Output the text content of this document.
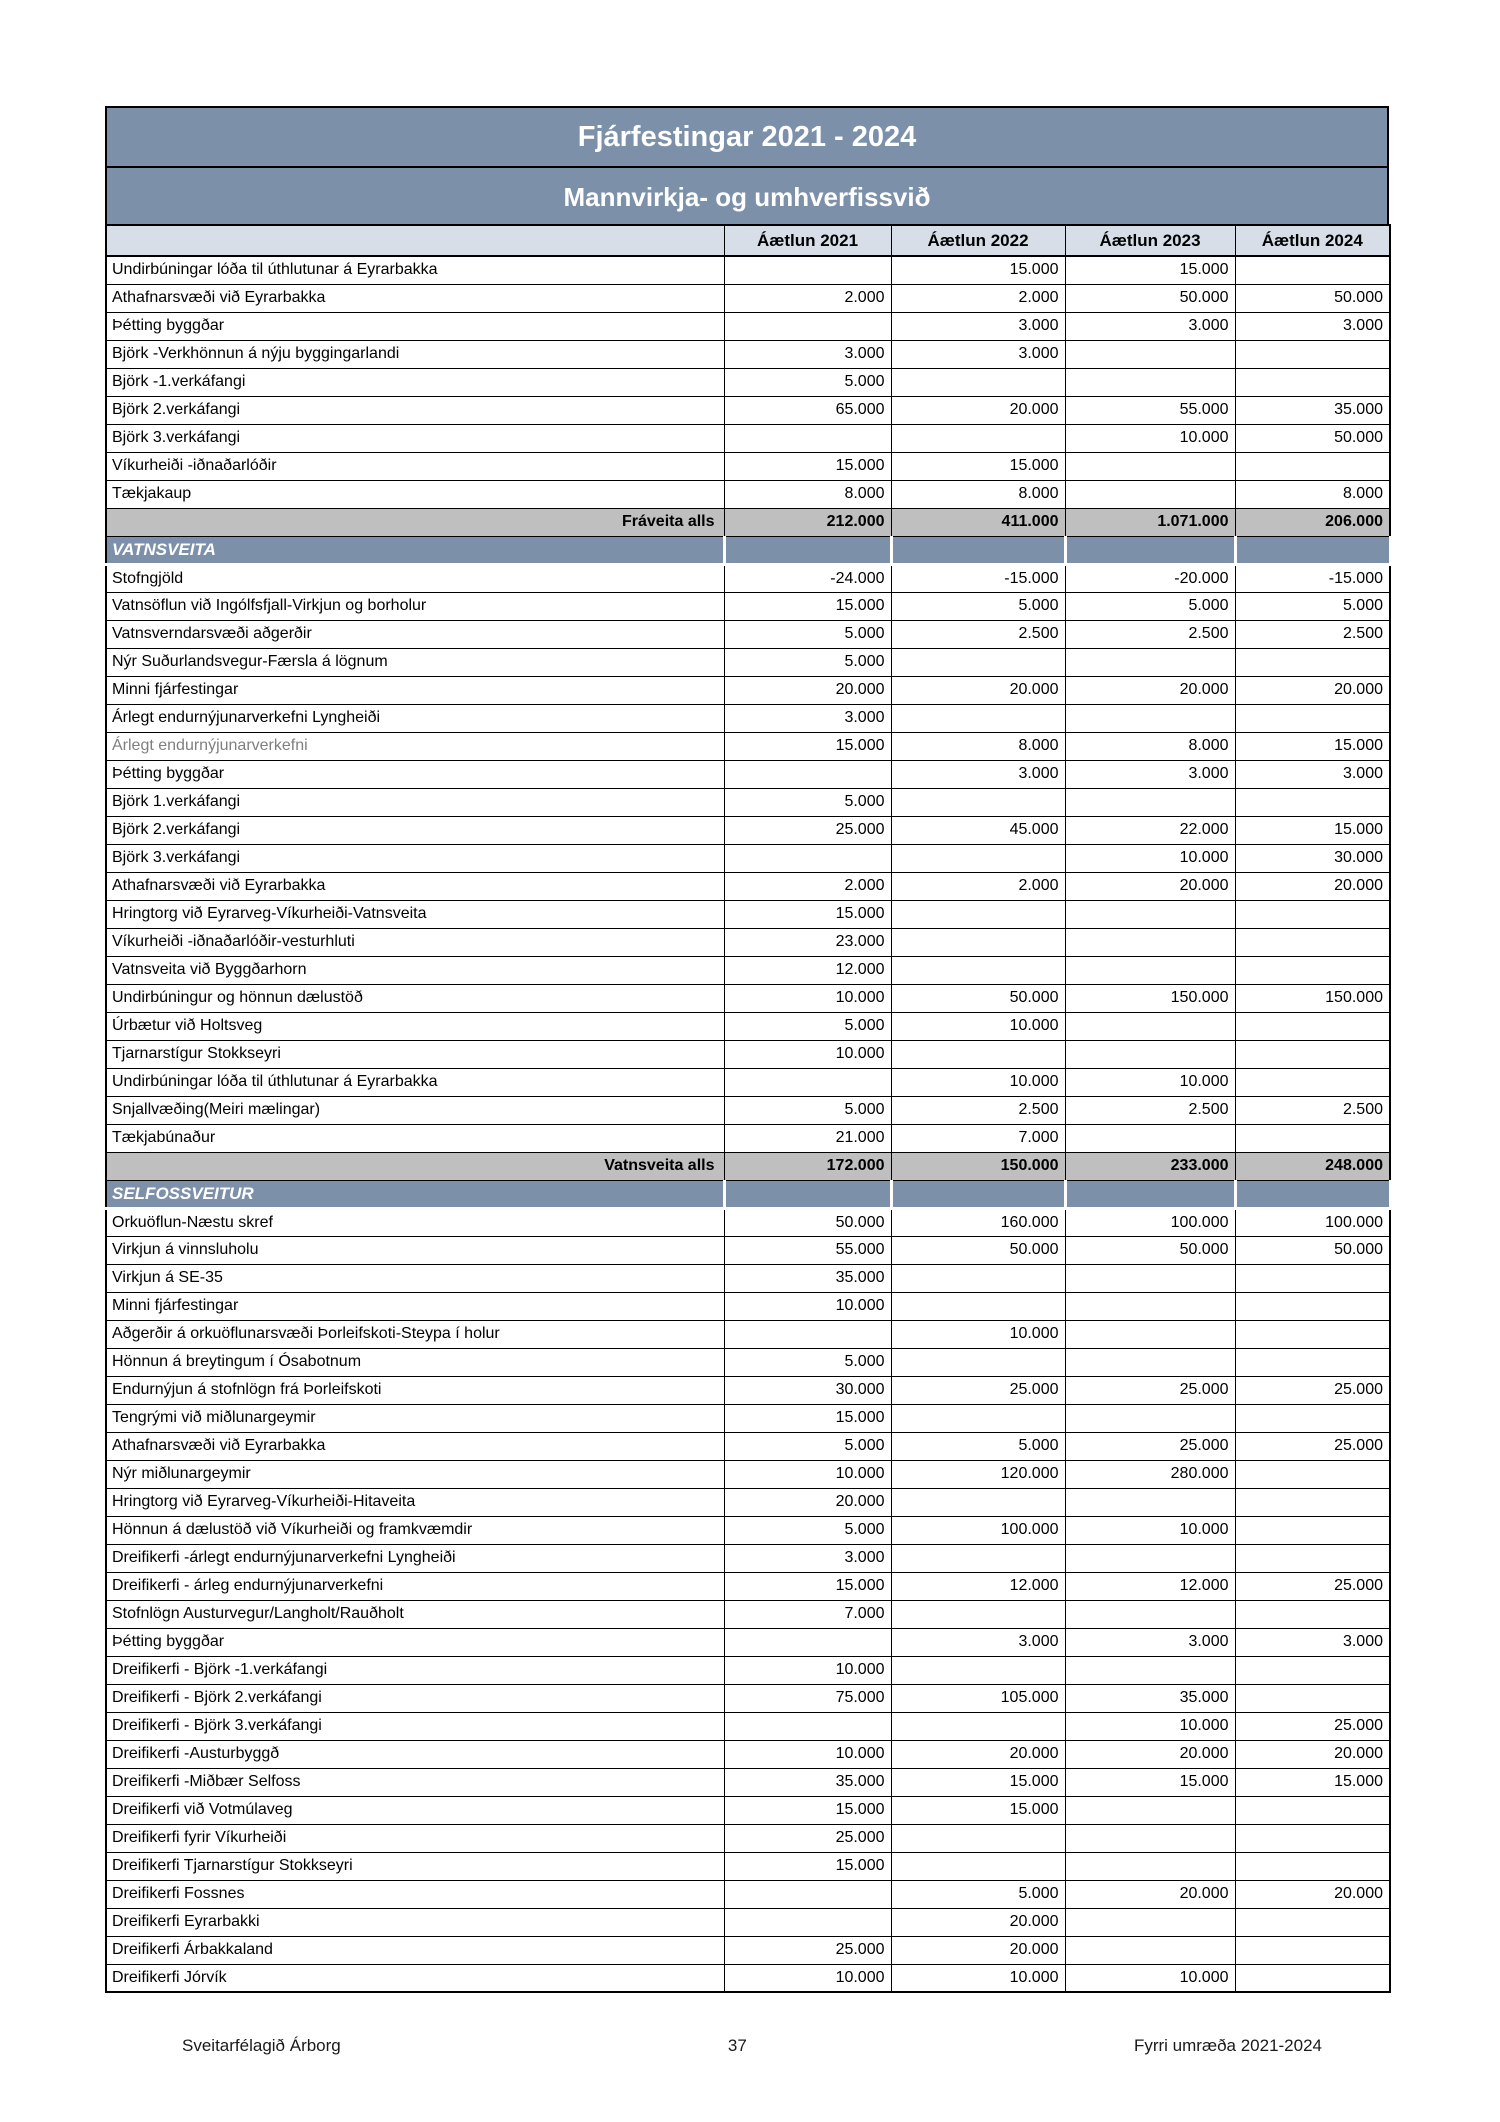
Fjárfestingar 2021 - 2024
Mannvirkja- og umhverfissvið
	Áætlun 2021	Áætlun 2022	Áætlun 2023	Áætlun 2024
Undirbúningar lóða til úthlutunar á Eyrarbakka		15.000	15.000	
Athafnarsvæði við Eyrarbakka	2.000	2.000	50.000	50.000
Þétting byggðar		3.000	3.000	3.000
Björk -Verkhönnun á nýju byggingarlandi	3.000	3.000		
Björk -1.verkáfangi	5.000			
Björk 2.verkáfangi	65.000	20.000	55.000	35.000
Björk 3.verkáfangi			10.000	50.000
Víkurheiði -iðnaðarlóðir	15.000	15.000		
Tækjakaup	8.000	8.000		8.000
Fráveita alls	212.000	411.000	1.071.000	206.000
VATNSVEITA				
Stofngjöld	-24.000	-15.000	-20.000	-15.000
Vatnsöflun við Ingólfsfjall-Virkjun og borholur	15.000	5.000	5.000	5.000
Vatnsverndarsvæði aðgerðir	5.000	2.500	2.500	2.500
Nýr Suðurlandsvegur-Færsla á lögnum	5.000			
Minni fjárfestingar	20.000	20.000	20.000	20.000
Árlegt endurnýjunarverkefni Lyngheiði	3.000			
Árlegt endurnýjunarverkefni	15.000	8.000	8.000	15.000
Þétting byggðar		3.000	3.000	3.000
Björk 1.verkáfangi	5.000			
Björk 2.verkáfangi	25.000	45.000	22.000	15.000
Björk 3.verkáfangi			10.000	30.000
Athafnarsvæði við Eyrarbakka	2.000	2.000	20.000	20.000
Hringtorg við Eyrarveg-Víkurheiði-Vatnsveita	15.000			
Víkurheiði -iðnaðarlóðir-vesturhluti	23.000			
Vatnsveita við Byggðarhorn	12.000			
Undirbúningur og hönnun dælustöð	10.000	50.000	150.000	150.000
Úrbætur við Holtsveg	5.000	10.000		
Tjarnarstígur Stokkseyri	10.000			
Undirbúningar lóða til úthlutunar á Eyrarbakka		10.000	10.000	
Snjallvæðing(Meiri mælingar)	5.000	2.500	2.500	2.500
Tækjabúnaður	21.000	7.000		
Vatnsveita alls	172.000	150.000	233.000	248.000
SELFOSSVEITUR				
Orkuöflun-Næstu skref	50.000	160.000	100.000	100.000
Virkjun á vinnsluholu	55.000	50.000	50.000	50.000
Virkjun á SE-35	35.000			
Minni fjárfestingar	10.000			
Aðgerðir á orkuöflunarsvæði Þorleifskoti-Steypa í holur		10.000		
Hönnun á breytingum í Ósabotnum	5.000			
Endurnýjun á stofnlögn frá Þorleifskoti	30.000	25.000	25.000	25.000
Tengrými við miðlunargeymir	15.000			
Athafnarsvæði við Eyrarbakka	5.000	5.000	25.000	25.000
Nýr miðlunargeymir	10.000	120.000	280.000	
Hringtorg við Eyrarveg-Víkurheiði-Hitaveita	20.000			
Hönnun á dælustöð við Víkurheiði og framkvæmdir	5.000	100.000	10.000	
Dreifikerfi -árlegt endurnýjunarverkefni Lyngheiði	3.000			
Dreifikerfi - árleg endurnýjunarverkefni	15.000	12.000	12.000	25.000
Stofnlögn Austurvegur/Langholt/Rauðholt	7.000			
Þétting byggðar		3.000	3.000	3.000
Dreifikerfi - Björk -1.verkáfangi	10.000			
Dreifikerfi - Björk 2.verkáfangi	75.000	105.000	35.000	
Dreifikerfi - Björk 3.verkáfangi			10.000	25.000
Dreifikerfi -Austurbyggð	10.000	20.000	20.000	20.000
Dreifikerfi -Miðbær Selfoss	35.000	15.000	15.000	15.000
Dreifikerfi við Votmúlaveg	15.000	15.000		
Dreifikerfi fyrir Víkurheiði	25.000			
Dreifikerfi Tjarnarstígur Stokkseyri	15.000			
Dreifikerfi Fossnes		5.000	20.000	20.000
Dreifikerfi Eyrarbakki		20.000		
Dreifikerfi Árbakkaland	25.000	20.000		
Dreifikerfi Jórvík	10.000	10.000	10.000	
Sveitarfélagið Árborg	37	Fyrri umræða 2021-2024
